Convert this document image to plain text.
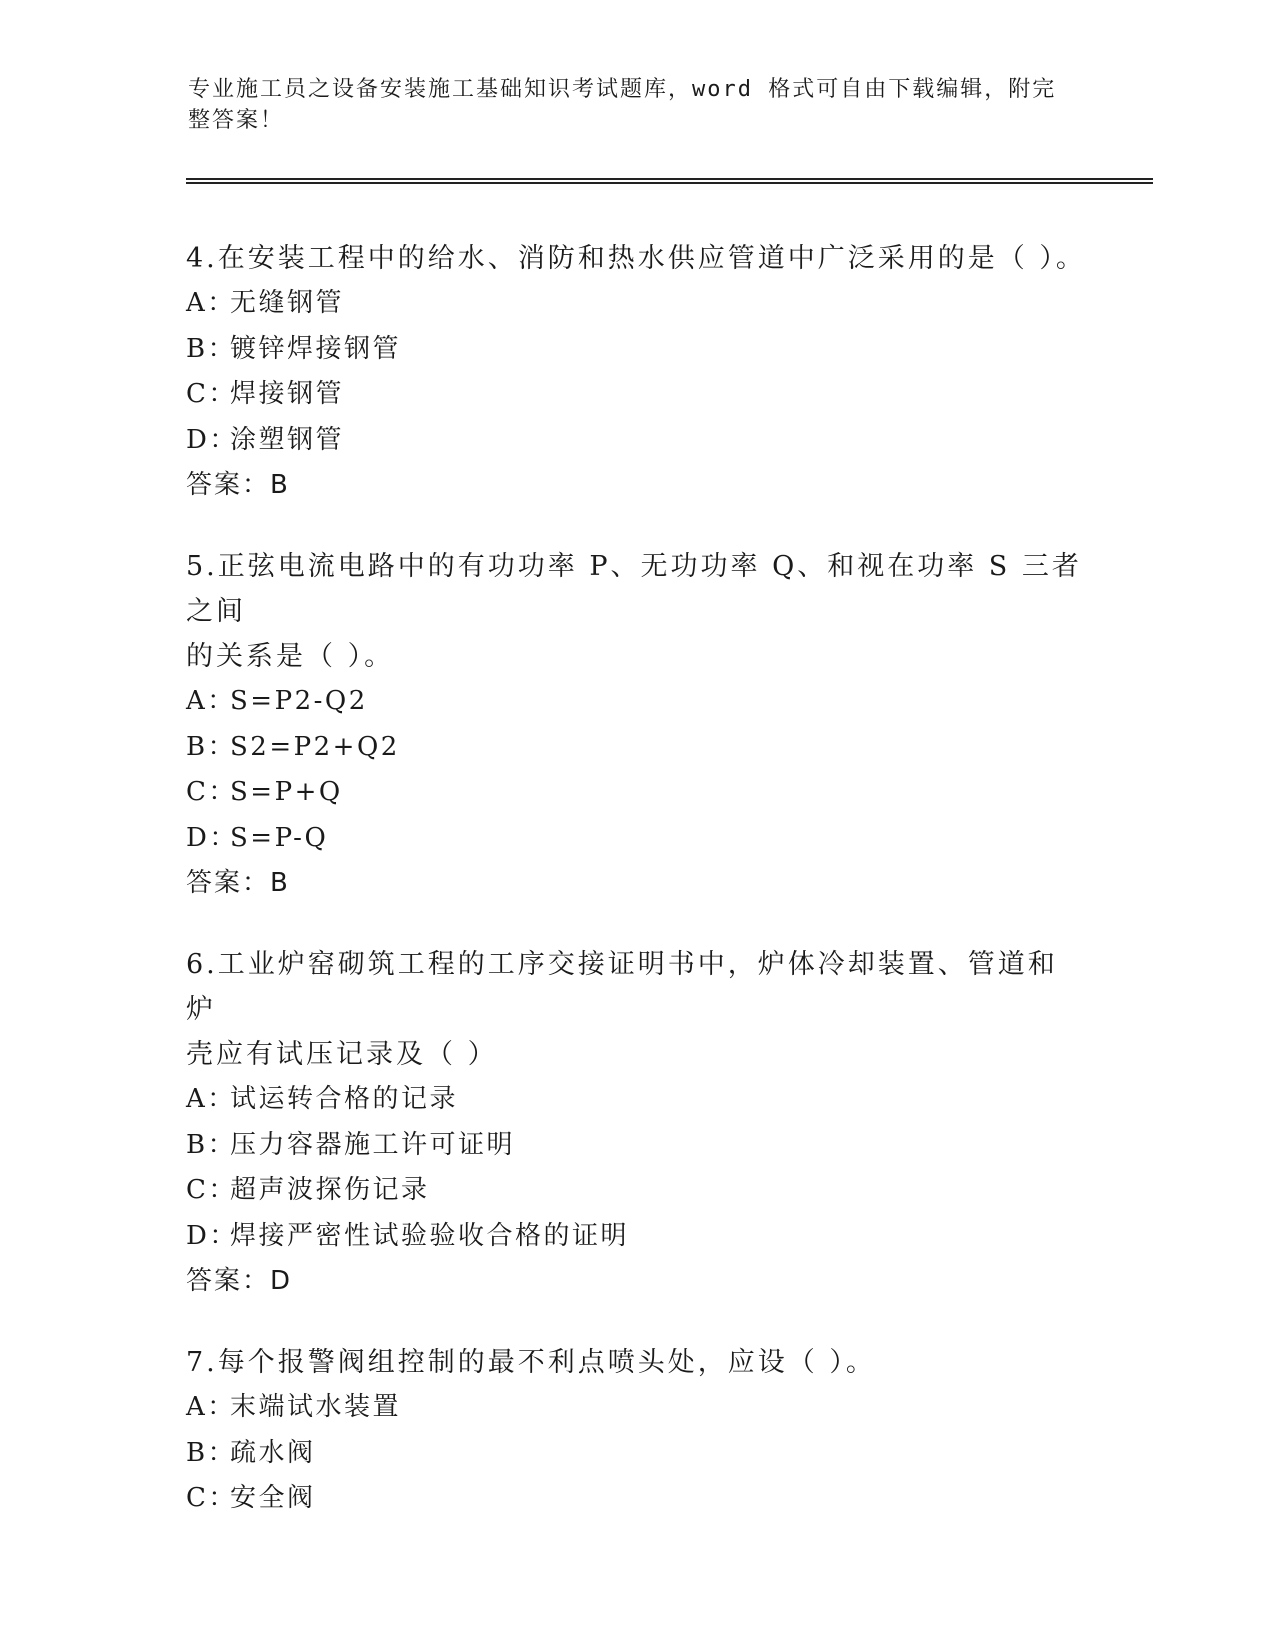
专业施工员之设备安装施工基础知识考试题库，word 格式可自由下载编辑，附完
整答案！

4.在安装工程中的给水、消防和热水供应管道中广泛采用的是（ ）。

A：无缝钢管

B：镀锌焊接钢管

C：焊接钢管

D：涂塑钢管

答案：B

5.正弦电流电路中的有功功率 P、无功功率 Q、和视在功率 S 三者之间

的关系是（ ）。

A：S=P2-Q2

B：S2=P2+Q2

C：S=P+Q

D：S=P-Q

答案：B

6.工业炉窑砌筑工程的工序交接证明书中，炉体冷却装置、管道和炉

壳应有试压记录及（ ）

A：试运转合格的记录

B：压力容器施工许可证明

C：超声波探伤记录

D：焊接严密性试验验收合格的证明

答案：D

7.每个报警阀组控制的最不利点喷头处，应设（ ）。

A：末端试水装置

B：疏水阀

C：安全阀
